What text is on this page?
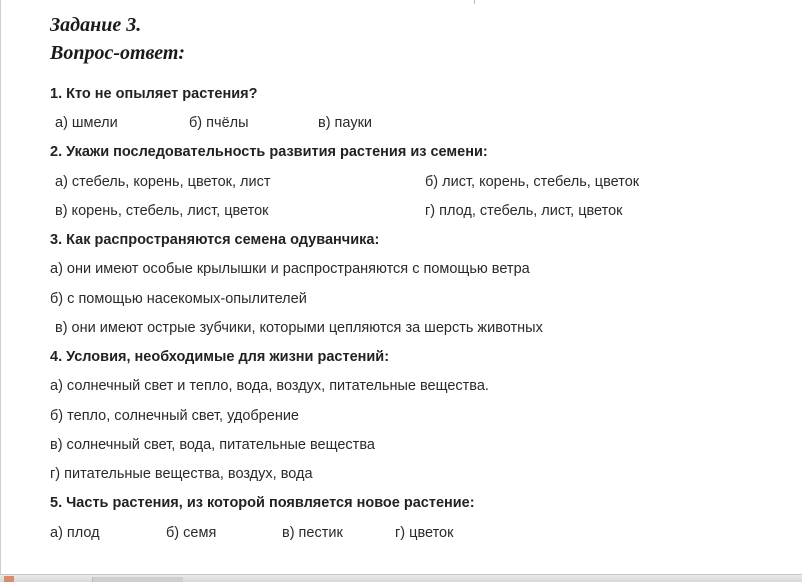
Задание 3.
Вопрос-ответ:
1. Кто не опыляет растения?
а) шмели	б) пчёлы	в) пауки
2. Укажи последовательность развития растения из семени:
а) стебель, корень, цветок, лист	б) лист, корень, стебель, цветок
в) корень, стебель, лист, цветок	г) плод, стебель, лист, цветок
3. Как распространяются семена одуванчика:
а) они имеют особые крылышки и распространяются с помощью ветра
б) с помощью насекомых-опылителей
в) они имеют острые зубчики, которыми цепляются за шерсть животных
4. Условия, необходимые для жизни растений:
а) солнечный свет и тепло, вода, воздух, питательные вещества.
б) тепло, солнечный свет, удобрение
в) солнечный свет, вода, питательные вещества
г) питательные вещества, воздух, вода
5. Часть растения, из которой появляется новое растение:
а) плод	б) семя	в) пестик	г) цветок
